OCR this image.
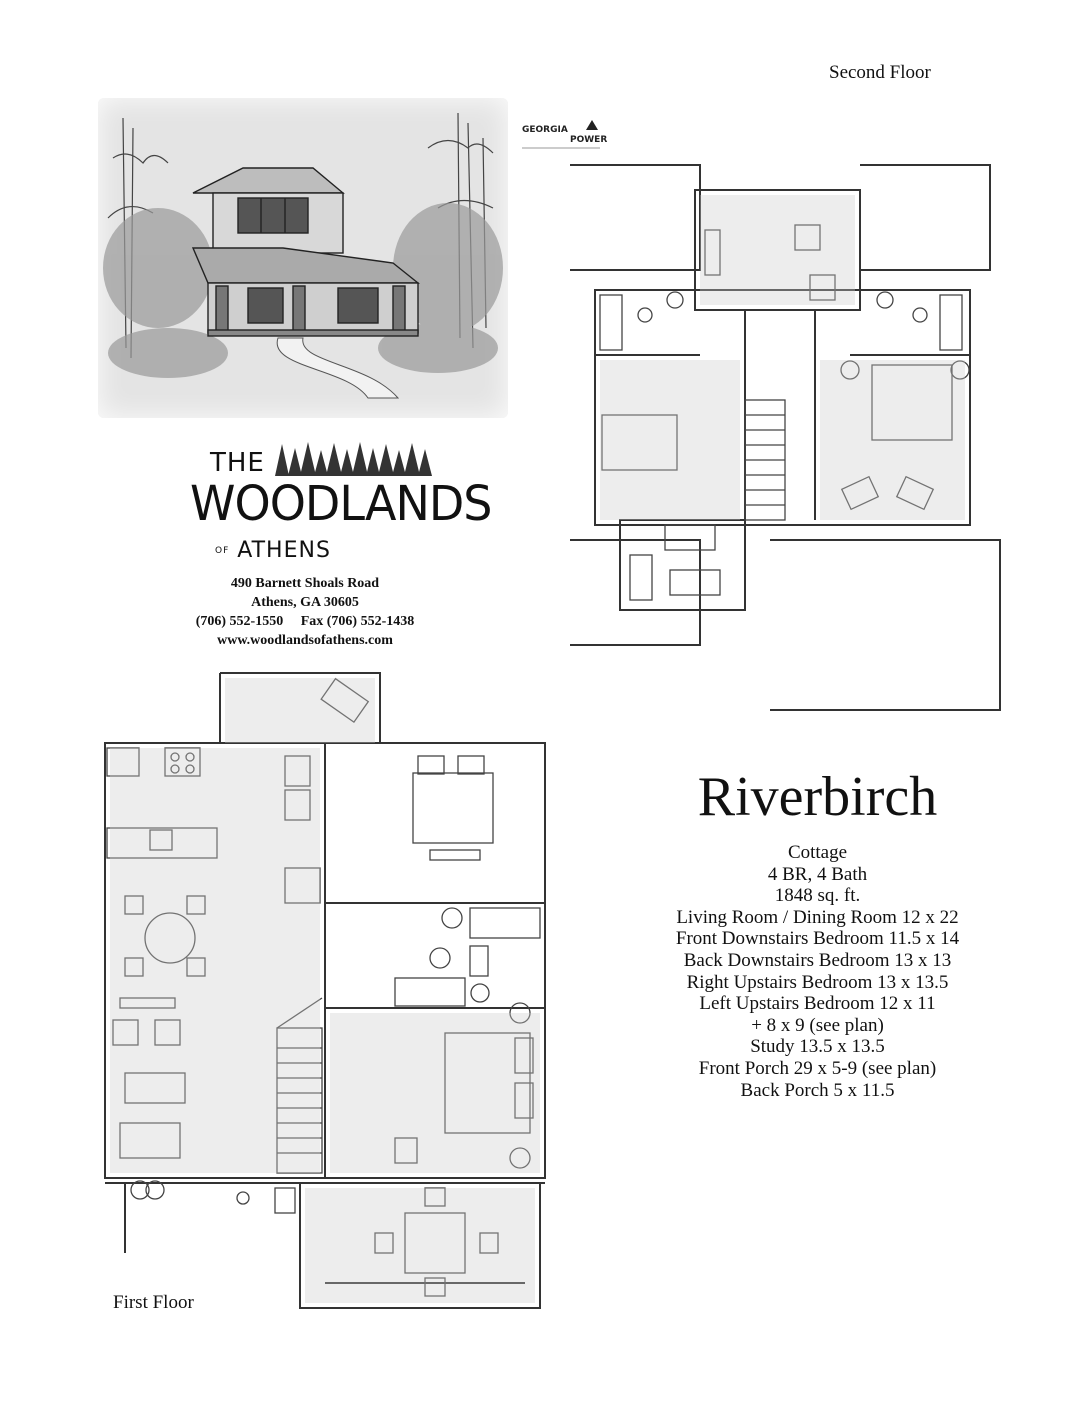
Second Floor
First Floor
GEORGIA
POWER
THE
WOODLANDS
OF ATHENS
490 Barnett Shoals Road
Athens, GA 30605
(706) 552-1550     Fax (706) 552-1438
www.woodlandsofathens.com
Riverbirch
Cottage
4 BR, 4 Bath
1848 sq. ft.
Living Room / Dining Room 12 x 22
Front Downstairs Bedroom 11.5 x 14
Back Downstairs Bedroom 13 x 13
Right Upstairs Bedroom 13 x 13.5
Left Upstairs Bedroom 12 x 11
+ 8 x 9 (see plan)
Study 13.5 x 13.5
Front Porch 29 x 5-9 (see plan)
Back Porch 5 x 11.5
